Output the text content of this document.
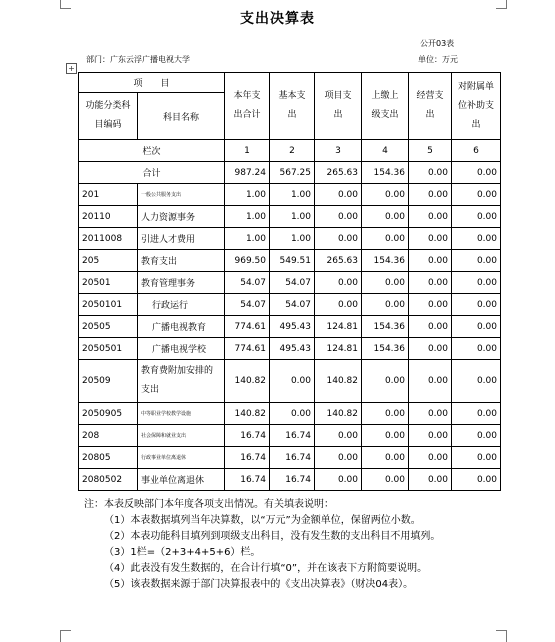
支出决算表
公开03表
部门：广东云浮广播电视大学	单位：万元
+
项　　目		本年支出合计	基本支出	项目支出	上缴上级支出	经营支出	对附属单位补助支出
功能分类科目编码	科目名称						
栏次		1	2	3	4	5	6
合计		987.24	567.25	265.63	154.36	0.00	0.00
201	一般公共服务支出	1.00	1.00	0.00	0.00	0.00	0.00
20110	人力资源事务	1.00	1.00	0.00	0.00	0.00	0.00
2011008	引进人才费用	1.00	1.00	0.00	0.00	0.00	0.00
205	教育支出	969.50	549.51	265.63	154.36	0.00	0.00
20501	教育管理事务	54.07	54.07	0.00	0.00	0.00	0.00
2050101	行政运行	54.07	54.07	0.00	0.00	0.00	0.00
20505	广播电视教育	774.61	495.43	124.81	154.36	0.00	0.00
2050501	广播电视学校	774.61	495.43	124.81	154.36	0.00	0.00
20509	教育费附加安排的支出	140.82	0.00	140.82	0.00	0.00	0.00
2050905	中等职业学校教学设施	140.82	0.00	140.82	0.00	0.00	0.00
208	社会保障和就业支出	16.74	16.74	0.00	0.00	0.00	0.00
20805	行政事业单位离退休	16.74	16.74	0.00	0.00	0.00	0.00
2080502	事业单位离退休	16.74	16.74	0.00	0.00	0.00	0.00

注：本表反映部门本年度各项支出情况。有关填表说明：

（1）本表数据填列当年决算数，以“万元”为金额单位，保留两位小数。

（2）本表功能科目填列到项级支出科目，没有发生数的支出科目不用填列。

（3）1栏=（2+3+4+5+6）栏。

（4）此表没有发生数据的，在合计行填“0”，并在该表下方附简要说明。

（5）该表数据来源于部门决算报表中的《支出决算表》（财决04表）。
